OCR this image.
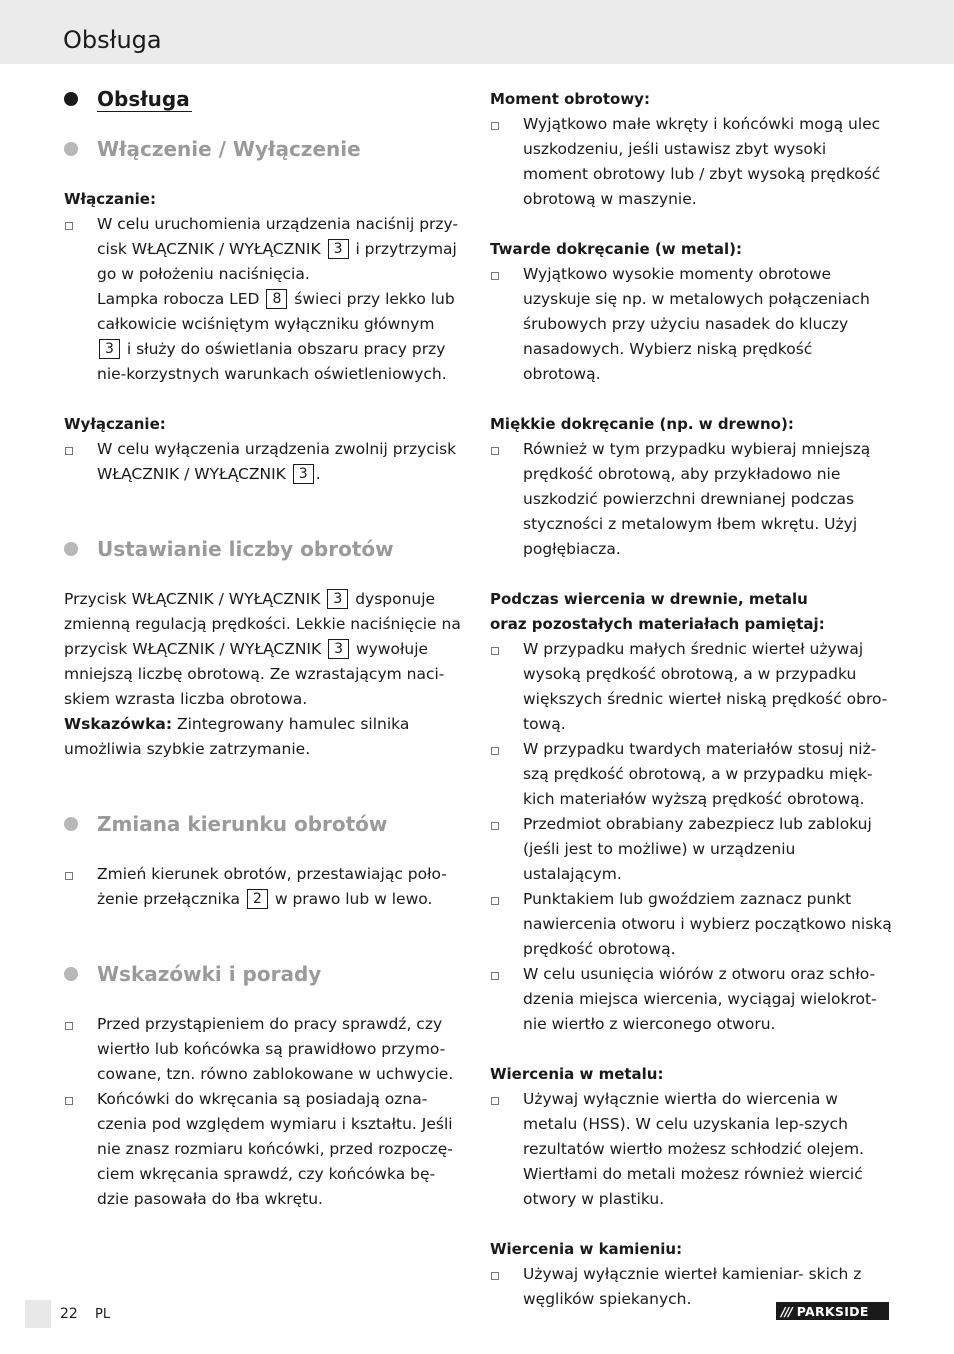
Obsługa
Obsługa
Włączenie / Wyłączenie
Włączanie:
W celu uruchomienia urządzenia naciśnij przy-cisk WŁĄCZNIK / WYŁĄCZNIK 3 i przytrzymaj go w położeniu naciśnięcia.
Lampka robocza LED 8 świeci przy lekko lub całkowicie wciśniętym wyłączniku głównym 3 i służy do oświetlania obszaru pracy przy nie-korzystnych warunkach oświetleniowych.
Wyłączanie:
W celu wyłączenia urządzenia zwolnij przycisk WŁĄCZNIK / WYŁĄCZNIK 3 .
Ustawianie liczby obrotów

Przycisk WŁĄCZNIK / WYŁĄCZNIK 3 dysponuje zmienną regulacją prędkości. Lekkie naciśnięcie na przycisk WŁĄCZNIK / WYŁĄCZNIK 3 wywołuje mniejszą liczbę obrotową. Ze wzrastającym naci-skiem wzrasta liczba obrotowa.

Wskazówka: Zintegrowany hamulec silnika umożliwia szybkie zatrzymanie.

Zmiana kierunku obrotów
Zmień kierunek obrotów, przestawiając poło-żenie przełącznika 2 w prawo lub w lewo.
Wskazówki i porady
Przed przystąpieniem do pracy sprawdź, czy wiertło lub końcówka są prawidłowo przymo-cowane, tzn. równo zablokowane w uchwycie.
Końcówki do wkręcania są posiadają ozna-czenia pod względem wymiaru i kształtu. Jeśli nie znasz rozmiaru końcówki, przed rozpoczę-ciem wkręcania sprawdź, czy końcówka bę-dzie pasowała do łba wkrętu.
Moment obrotowy:
Wyjątkowo małe wkręty i końcówki mogą ulec uszkodzeniu, jeśli ustawisz zbyt wysoki moment obrotowy lub / zbyt wysoką prędkość obrotową w maszynie.
Twarde dokręcanie (w metal):
Wyjątkowo wysokie momenty obrotowe uzyskuje się np. w metalowych połączeniach śrubowych przy użyciu nasadek do kluczy nasadowych. Wybierz niską prędkość obrotową.
Miękkie dokręcanie (np. w drewno):
Również w tym przypadku wybieraj mniejszą prędkość obrotową, aby przykładowo nie uszkodzić powierzchni drewnianej podczas styczności z metalowym łbem wkrętu. Użyj pogłębiacza.
Podczas wiercenia w drewnie, metalu
oraz pozostałych materiałach pamiętaj:
W przypadku małych średnic wierteł używaj wysoką prędkość obrotową, a w przypadku większych średnic wierteł niską prędkość obro-tową.
W przypadku twardych materiałów stosuj niż-szą prędkość obrotową, a w przypadku mięk-kich materiałów wyższą prędkość obrotową.
Przedmiot obrabiany zabezpiecz lub zablokuj (jeśli jest to możliwe) w urządzeniu ustalającym.
Punktakiem lub gwoździem zaznacz punkt nawiercenia otworu i wybierz początkowo niską prędkość obrotową.
W celu usunięcia wiórów z otworu oraz schło-dzenia miejsca wiercenia, wyciągaj wielokrot-nie wiertło z wierconego otworu.
Wiercenia w metalu:
Używaj wyłącznie wiertła do wiercenia w metalu (HSS). W celu uzyskania lep-szych rezultatów wiertło możesz schłodzić olejem. Wiertłami do metali możesz również wiercić otwory w plastiku.
Wiercenia w kamieniu:
Używaj wyłącznie wierteł kamieniar- skich z węglików spiekanych.
22 PL	/// PARKSIDE
